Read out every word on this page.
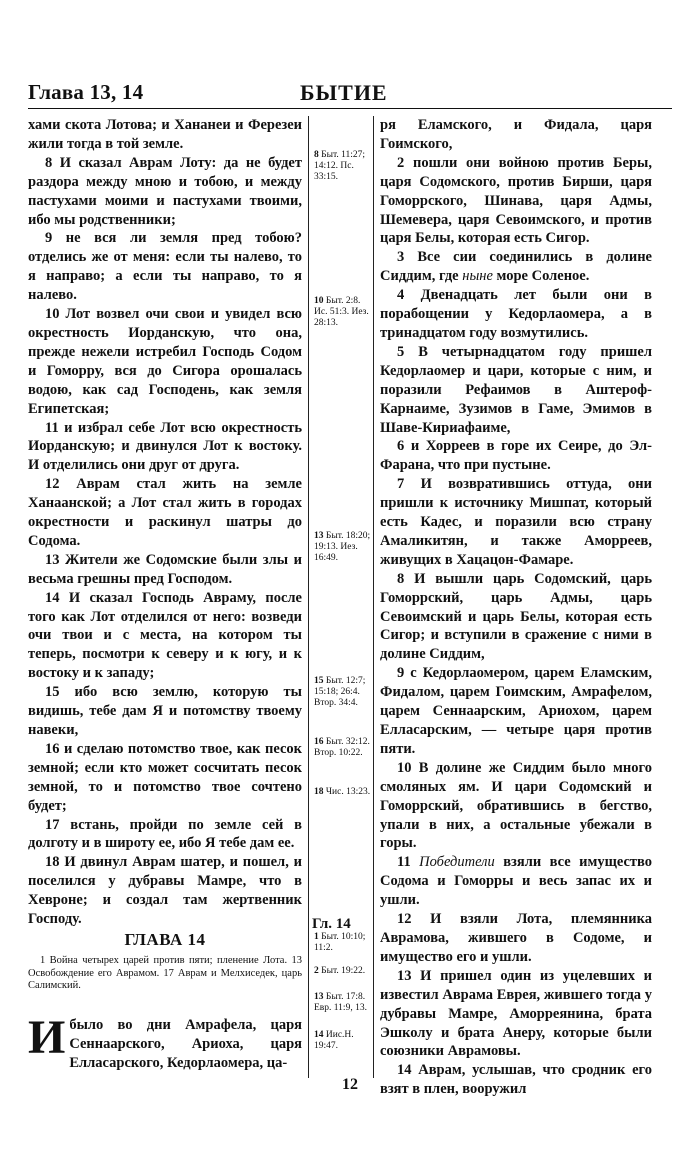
Глава 13, 14	БЫТИЕ

хами скота Лотова; и Хананеи и Ферезеи жили тогда в той земле.

8 И сказал Аврам Лоту: да не будет раздора между мною и тобою, и между пастухами моими и пастухами твоими, ибо мы родственники;

9 не вся ли земля пред тобою? отделись же от меня: если ты налево, то я направо; а если ты направо, то я налево.

10 Лот возвел очи свои и увидел всю окрестность Иорданскую, что она, прежде нежели истребил Господь Содом и Гоморру, вся до Сигора орошалась водою, как сад Господень, как земля Египетская;

11 и избрал себе Лот всю окрестность Иорданскую; и двинулся Лот к востоку. И отделились они друг от друга.

12 Аврам стал жить на земле Ханаанской; а Лот стал жить в городах окрестности и раскинул шатры до Содома.

13 Жители же Содомские были злы и весьма грешны пред Господом.

14 И сказал Господь Авраму, после того как Лот отделился от него: возведи очи твои и с места, на котором ты теперь, посмотри к северу и к югу, и к востоку и к западу;

15 ибо всю землю, которую ты видишь, тебе дам Я и потомству твоему навеки,

16 и сделаю потомство твое, как песок земной; если кто может сосчитать песок земной, то и потомство твое сочтено будет;

17 встань, пройди по земле сей в долготу и в широту ее, ибо Я тебе дам ее.

18 И двинул Аврам шатер, и пошел, и поселился у дубравы Мамре, что в Хевроне; и создал там жертвенник Господу.

ГЛАВА 14
1 Война четырех царей против пяти; пленение Лота. 13 Освобождение его Аврамом. 17 Аврам и Мелхиседек, царь Салимский.
Ибыло во дни Амрафела, царя Сеннаарского, Ариоха, царя Елласарского, Кедорлаомера, ца-
8 Быт. 11:27; 14:12. Пс. 33:15.
10 Быт. 2:8. Ис. 51:3. Иез. 28:13.
13 Быт. 18:20; 19:13. Иез. 16:49.
15 Быт. 12:7; 15:18; 26:4. Втор. 34:4.
16 Быт. 32:12. Втор. 10:22.
18 Чис. 13:23.
1 Быт. 10:10; 11:2.
2 Быт. 19:22.
13 Быт. 17:8. Евр. 11:9, 13.
14 Иис.Н. 19:47.
Гл. 14

ря Еламского, и Фидала, царя Гоимского,

2 пошли они войною против Беры, царя Содомского, против Бирши, царя Гоморрского, Шинава, царя Адмы, Шемевера, царя Севоимского, и против царя Белы, которая есть Сигор.

3 Все сии соединились в долине Сиддим, где ныне море Соленое.

4 Двенадцать лет были они в порабощении у Кедорлаомера, а в тринадцатом году возмутились.

5 В четырнадцатом году пришел Кедорлаомер и цари, которые с ним, и поразили Рефаимов в Аштероф-Карнаиме, Зузимов в Гаме, Эмимов в Шаве-Кириафаиме,

6 и Хорреев в горе их Сеире, до Эл-Фарана, что при пустыне.

7 И возвратившись оттуда, они пришли к источнику Мишпат, который есть Кадес, и поразили всю страну Амаликитян, и также Аморреев, живущих в Хацацон-Фамаре.

8 И вышли царь Содомский, царь Гоморрский, царь Адмы, царь Севоимский и царь Белы, которая есть Сигор; и вступили в сражение с ними в долине Сиддим,

9 с Кедорлаомером, царем Еламским, Фидалом, царем Гоимским, Амрафелом, царем Сеннаарским, Ариохом, царем Елласарским, — четыре царя против пяти.

10 В долине же Сиддим было много смоляных ям. И цари Содомский и Гоморрский, обратившись в бегство, упали в них, а остальные убежали в горы.

11 Победители взяли все имущество Содома и Гоморры и весь запас их и ушли.

12 И взяли Лота, племянника Аврамова, жившего в Содоме, и имущество его и ушли.

13 И пришел один из уцелевших и известил Аврама Еврея, жившего тогда у дубравы Мамре, Аморреянина, брата Эшколу и брата Анеру, которые были союзники Аврамовы.

14 Аврам, услышав, что сродник его взят в плен, вооружил

12
